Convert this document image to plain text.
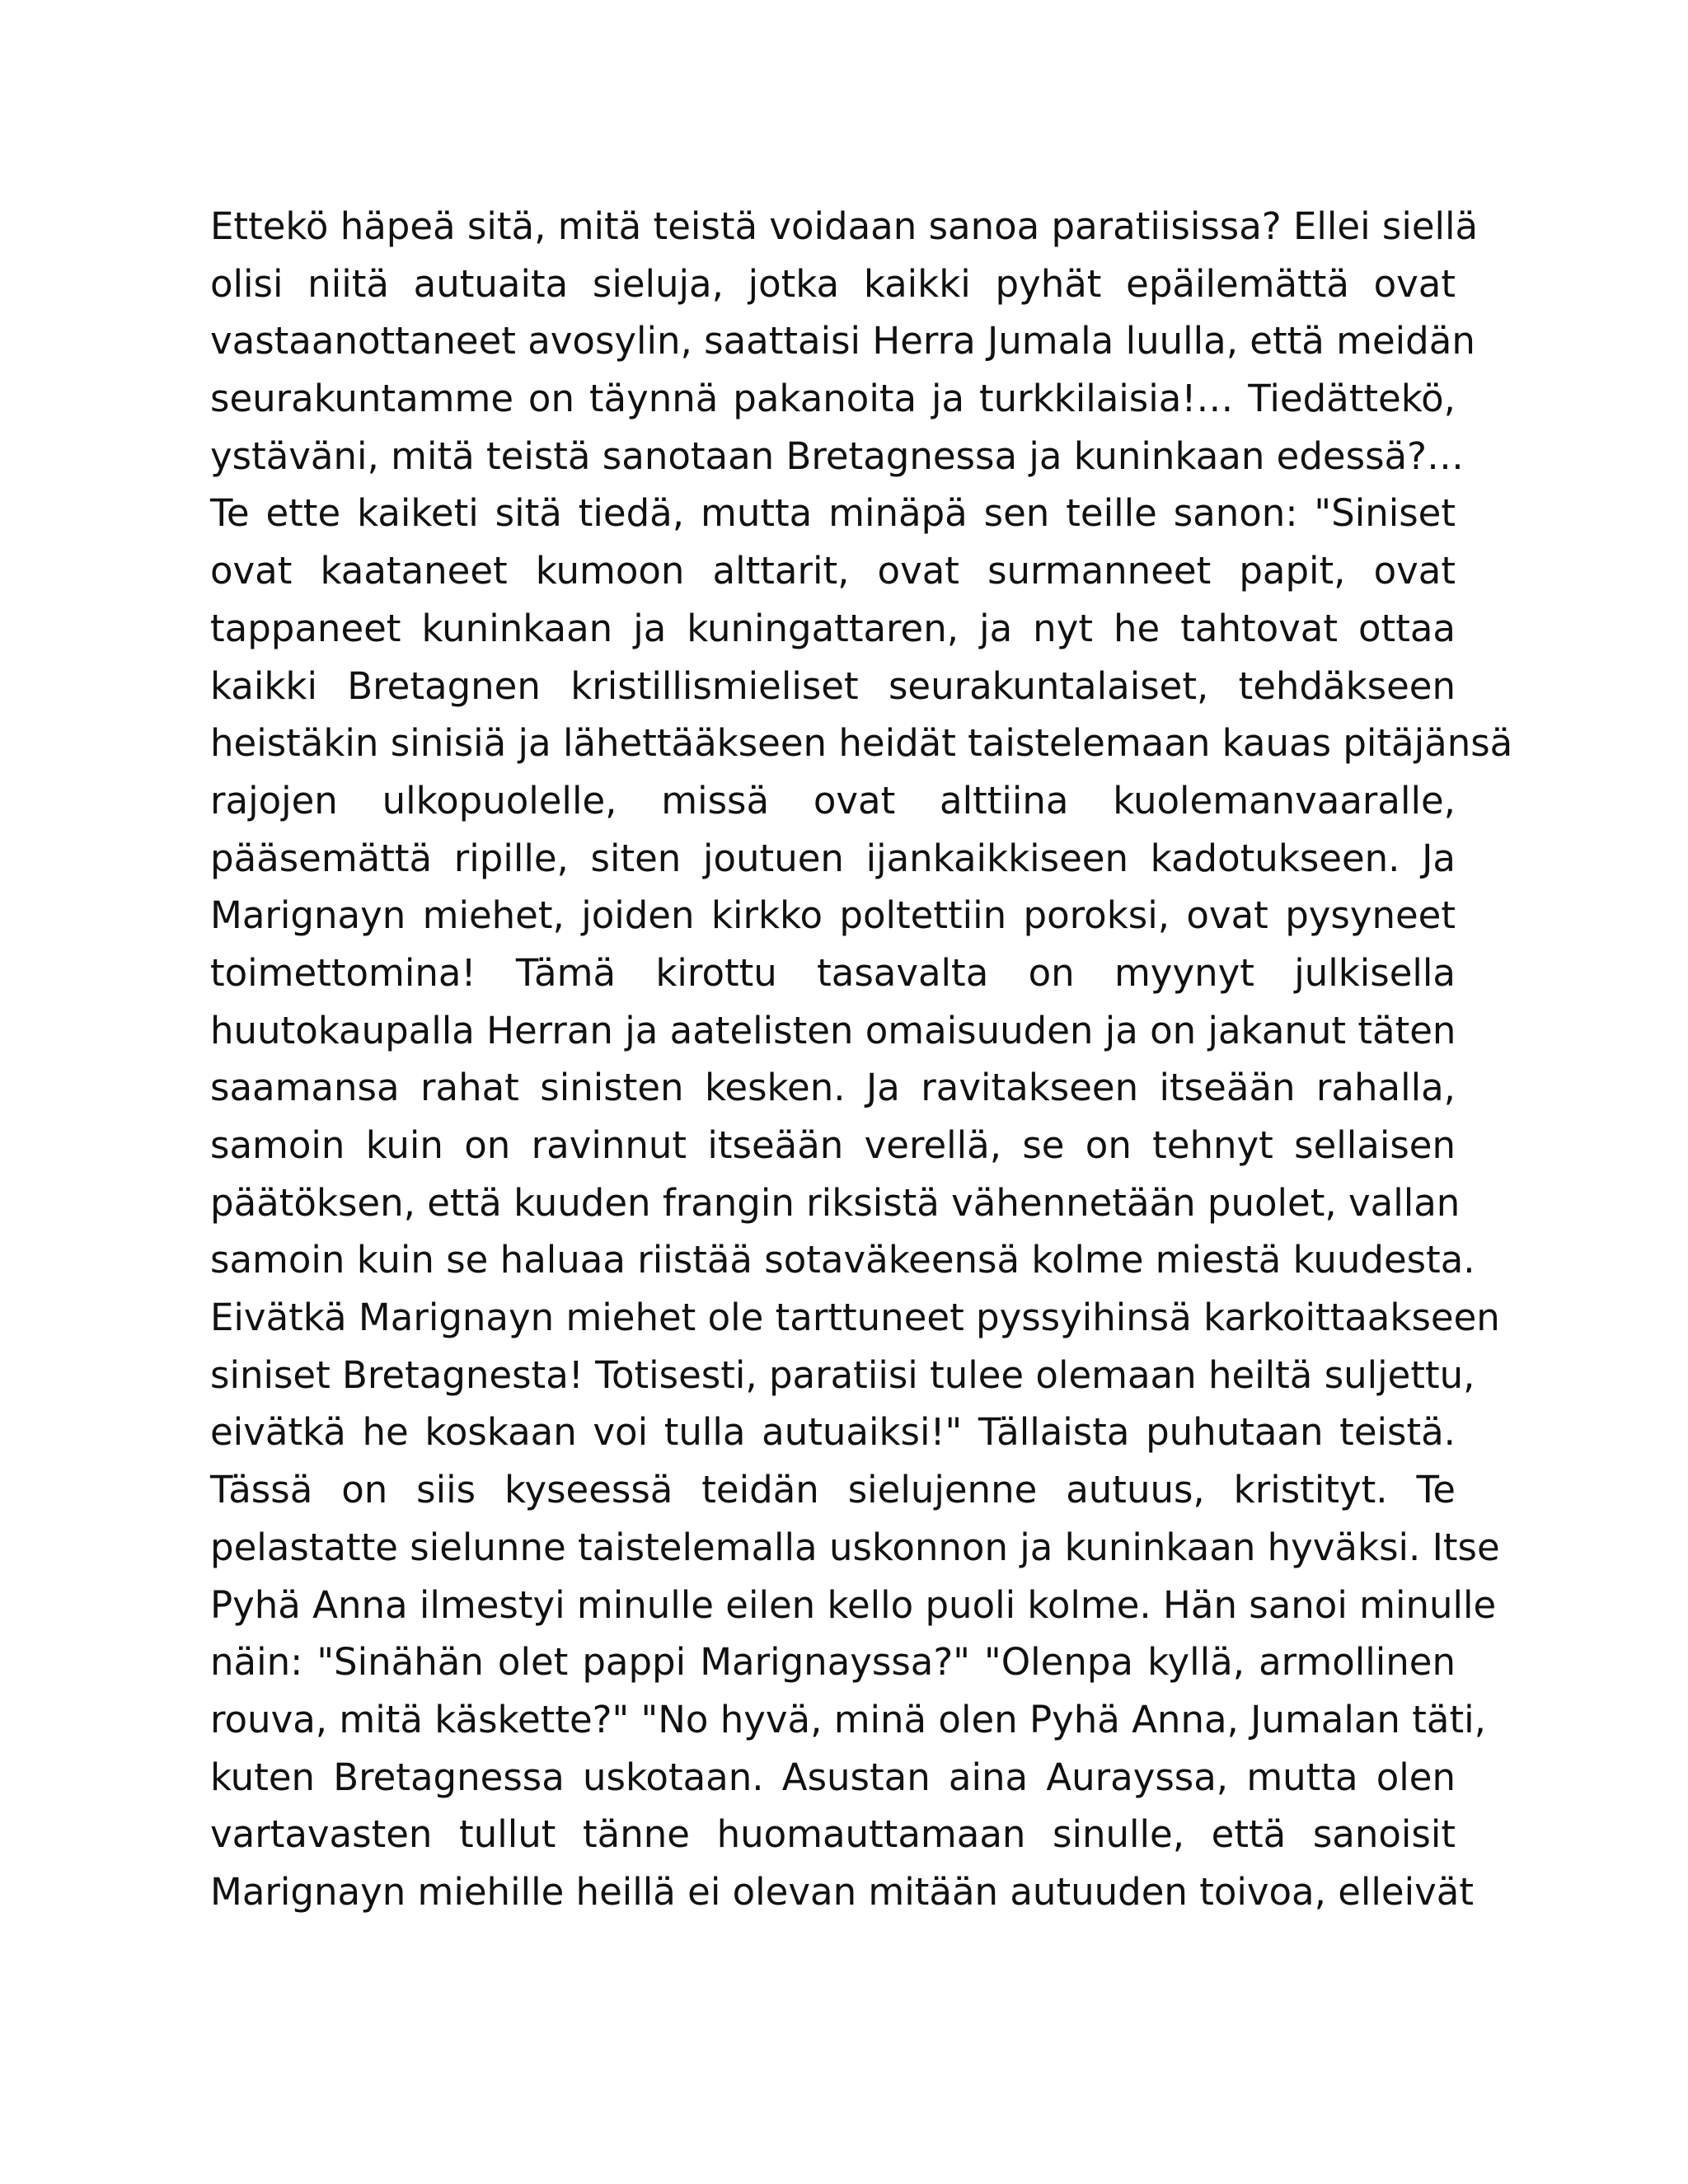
Ettekö häpeä sitä, mitä teistä voidaan sanoa paratiisissa? Ellei siellä
olisi niitä autuaita sieluja, jotka kaikki pyhät epäilemättä ovat
vastaanottaneet avosylin, saattaisi Herra Jumala luulla, että meidän
seurakuntamme on täynnä pakanoita ja turkkilaisia!… Tiedättekö,
ystäväni, mitä teistä sanotaan Bretagnessa ja kuninkaan edessä?…
Te ette kaiketi sitä tiedä, mutta minäpä sen teille sanon: "Siniset
ovat kaataneet kumoon alttarit, ovat surmanneet papit, ovat
tappaneet kuninkaan ja kuningattaren, ja nyt he tahtovat ottaa
kaikki Bretagnen kristillismieliset seurakuntalaiset, tehdäkseen
heistäkin sinisiä ja lähettääkseen heidät taistelemaan kauas pitäjänsä
rajojen ulkopuolelle, missä ovat alttiina kuolemanvaaralle,
pääsemättä ripille, siten joutuen ijankaikkiseen kadotukseen. Ja
Marignayn miehet, joiden kirkko poltettiin poroksi, ovat pysyneet
toimettomina! Tämä kirottu tasavalta on myynyt julkisella
huutokaupalla Herran ja aatelisten omaisuuden ja on jakanut täten
saamansa rahat sinisten kesken. Ja ravitakseen itseään rahalla,
samoin kuin on ravinnut itseään verellä, se on tehnyt sellaisen
päätöksen, että kuuden frangin riksistä vähennetään puolet, vallan
samoin kuin se haluaa riistää sotaväkeensä kolme miestä kuudesta.
Eivätkä Marignayn miehet ole tarttuneet pyssyihinsä karkoittaakseen
siniset Bretagnesta! Totisesti, paratiisi tulee olemaan heiltä suljettu,
eivätkä he koskaan voi tulla autuaiksi!" Tällaista puhutaan teistä.
Tässä on siis kyseessä teidän sielujenne autuus, kristityt. Te
pelastatte sielunne taistelemalla uskonnon ja kuninkaan hyväksi. Itse
Pyhä Anna ilmestyi minulle eilen kello puoli kolme. Hän sanoi minulle
näin: "Sinähän olet pappi Marignayssa?" "Olenpa kyllä, armollinen
rouva, mitä käskette?" "No hyvä, minä olen Pyhä Anna, Jumalan täti,
kuten Bretagnessa uskotaan. Asustan aina Aurayssa, mutta olen
vartavasten tullut tänne huomauttamaan sinulle, että sanoisit
Marignayn miehille heillä ei olevan mitään autuuden toivoa, elleivät
